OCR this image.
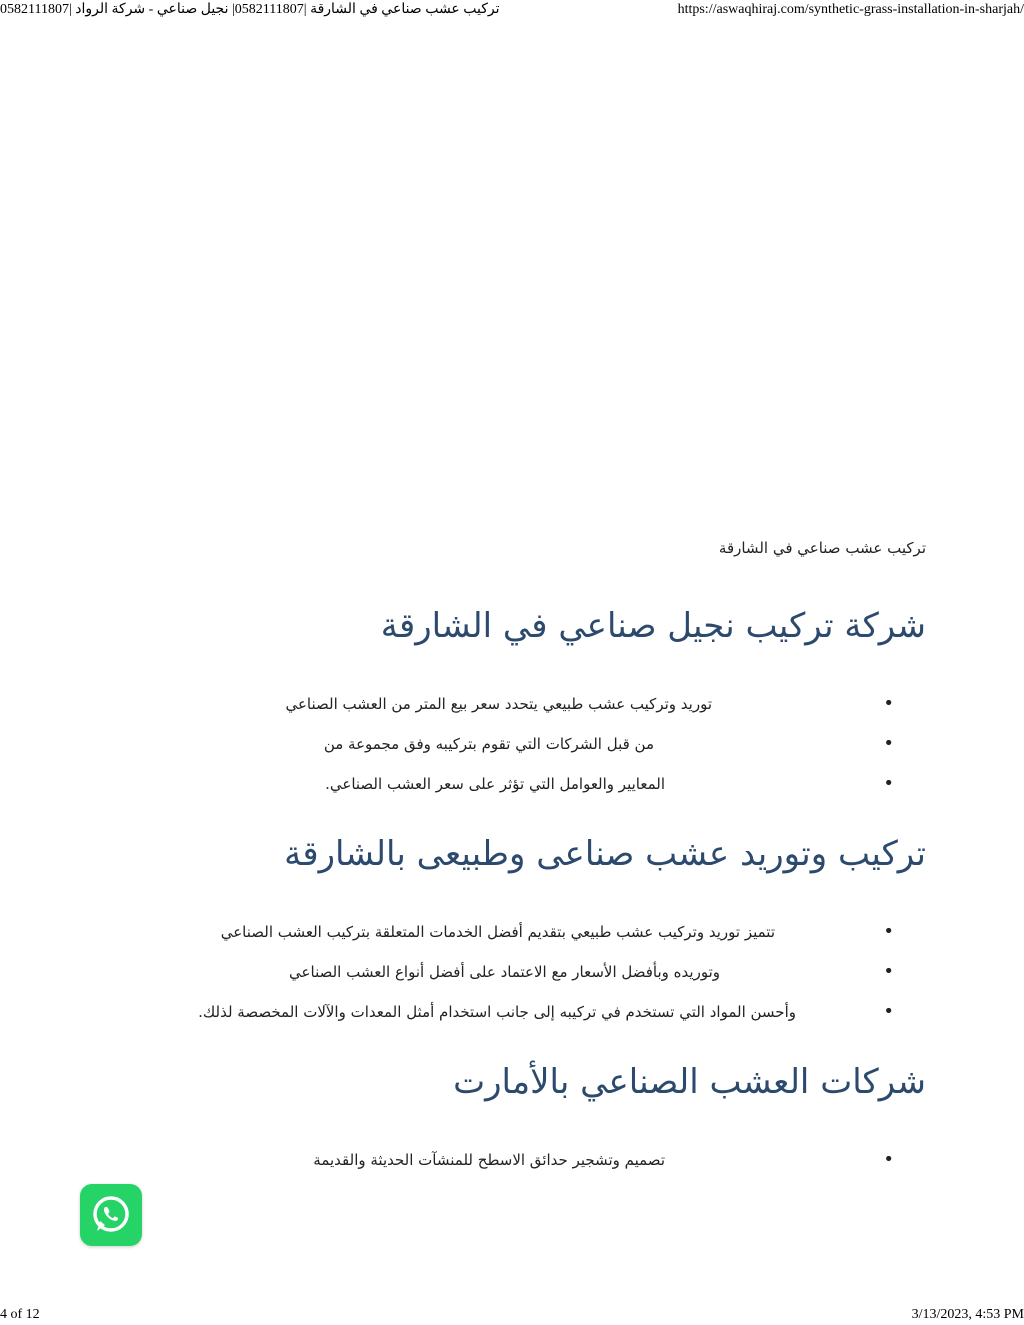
تركيب عشب صناعي في الشارقة |0582111807| نجيل صناعي - شركة الرواد |0582111807	https://aswaqhiraj.com/synthetic-grass-installation-in-sharjah/
تركيب عشب صناعي في الشارقة
شركة تركيب نجيل صناعي في الشارقة
•
توريد وتركيب عشب طبيعي يتحدد سعر بيع المتر من العشب الصناعي
•
من قبل الشركات التي تقوم بتركيبه وفق مجموعة من
•
المعايير والعوامل التي تؤثر على سعر العشب الصناعي.
تركيب وتوريد عشب صناعى وطبيعى بالشارقة
•
تتميز توريد وتركيب عشب طبيعي بتقديم أفضل الخدمات المتعلقة بتركيب العشب الصناعي
•
وتوريده وبأفضل الأسعار مع الاعتماد على أفضل أنواع العشب الصناعي
•
وأحسن المواد التي تستخدم في تركيبه إلى جانب استخدام أمثل المعدات والآلات المخصصة لذلك.
شركات العشب الصناعي بالأمارت
•
تصميم وتشجير حدائق الاسطح للمنشآت الحديثة والقديمة
4 of 12	3/13/2023, 4:53 PM
